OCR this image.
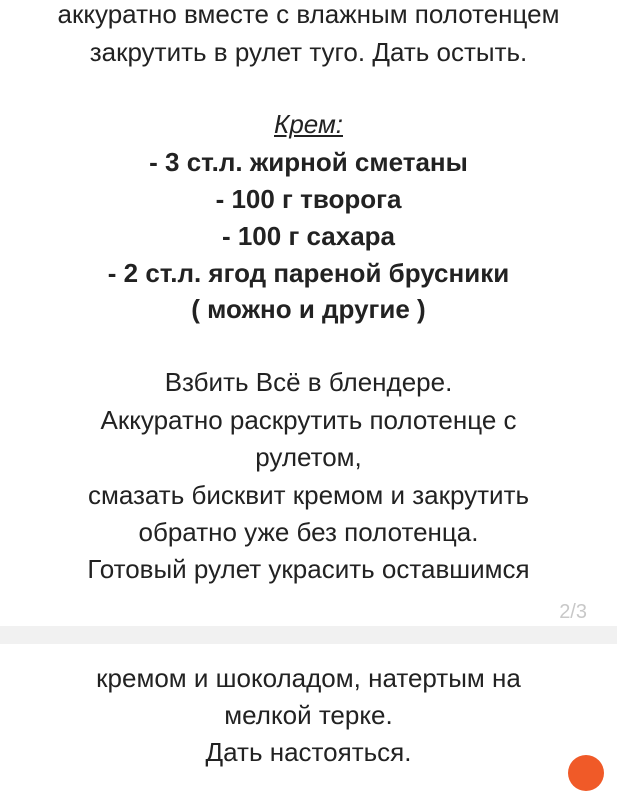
аккуратно вместе с влажным полотенцем
закрутить в рулет туго. Дать остыть.
Крем:
- 3 ст.л. жирной сметаны
- 100 г творога
- 100 г сахара
- 2 ст.л. ягод пареной брусники
( можно и другие )
Взбить Всё в блендере.
Аккуратно раскрутить полотенце с
рулетом,
смазать бисквит кремом и закрутить
обратно уже без полотенца.
Готовый рулет украсить оставшимся
2/3
кремом и шоколадом, натертым на
мелкой терке.
Дать настояться.
